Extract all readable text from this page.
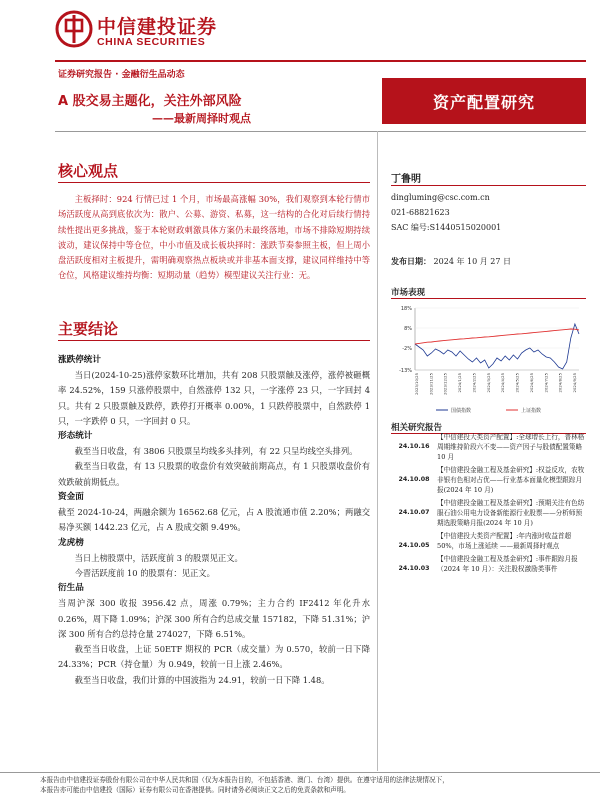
中信建投证券
CHINA SECURITIES
证券研究报告 · 金融衍生品动态
A 股交易主题化，关注外部风险
——最新周择时观点
资产配置研究
核心观点
主板择时：924 行情已过 1 个月，市场最高涨幅 30%，我们观察到本轮行情市场活跃度从高到底依次为：散户、公募、游资、私募，这一结构的合化对后续行情持续性提出更多挑战，鉴于本轮财政刺激具体方案仍未最终落地，市场不排除短期持续波动，建议保持中等仓位，中小市值及成长板块择时：涨跌节奏参照主板，但上周小盘活跃度相对主板提升，需明确观察热点板块或并非基本面支撑，建议同样维持中等仓位，风格建议维持均衡：短期动量（趋势）模型建议关注行业：无。
主要结论
涨跌停统计

当日(2024-10-25)涨停家数环比增加，共有 208 只股票触及涨停，涨停被砸概率 24.52%，159 只涨停股票中，自然涨停 132 只，一字涨停 23 只，一字回封 4 只。共有 2 只股票触及跌停，跌停打开概率 0.00%，1 只跌停股票中，自然跌停 1 只，一字跌停 0 只，一字回封 0 只。

形态统计

截至当日收盘，有 3806 只股票呈均线多头排列，有 22 只呈均线空头排列。

截至当日收盘，有 13 只股票的收盘价有效突破前期高点，有 1 只股票收盘价有效跌破前期低点。

资金面

截至 2024-10-24，两融余额为 16562.68 亿元，占 A 股流通市值 2.20%；两融交易净买额 1442.23 亿元，占 A 股成交额 9.49%。

龙虎榜

当日上榜股票中，活跃度前 3 的股票见正文。

今晋活跃度前 10 的股票有：见正文。

衍生品

当周沪深 300 收报 3956.42 点，周涨 0.79%；主力合约 IF2412 年化升水 0.26%，周下降 1.09%；沪深 300 所有合约总成交量 157182，下降 51.31%；沪深 300 所有合约总持仓量 274027，下降 6.51%。

截至当日收盘，上证 50ETF 期权的 PCR（成交量）为 0.570，较前一日下降 24.33%；PCR（持仓量）为 0.949，较前一日上涨 2.46%。

截至当日收盘，我们计算的中国波指为 24.91，较前一日下降 1.48。

丁鲁明
dingluming@csc.com.cn
021-68821623
SAC 编号:S1440515020001
发布日期： 2024 年 10 月 27 日
市场表现
18%
8%
-2%
-13%
2023/10/25 2023/11/25 2023/12/25 2024/1/25 2024/2/25 2024/3/25 2024/4/25 2024/5/25 2024/6/25 2024/7/25 2024/8/25 2024/9/25
国债指数	上证指数
相关研究报告
24.10.16
【中信建投大类资产配置】:全球增长上行，普林格周期维持阶段六不变——资产因子与股债配置策略 10 月
24.10.08
【中信建投金融工程及基金研究】:权益反攻，农牧非银有色相对占优——行业基本面量化模型跟踪月报(2024 年 10 月)
24.10.07
【中信建投金融工程及基金研究】:预期关注有色纺服石油公用电力设备新能源行业股票——分析师预期选股策略月报(2024 年 10 月)
24.10.05
【中信建投大类资产配置】:年内涨时收益首超 50%，市场上涨延续 ——最新周择时观点
24.10.03
【中信建投金融工程及基金研究】:事件跟踪月报（2024 年 10 月）：关注股权激励类事件
本报告由中信建投证券股份有限公司在中华人民共和国（仅为本报告目的，不包括香港、澳门、台湾）提供。在遵守适用的法律法规情况下，
本报告亦可能由中信建投（国际）证券有限公司在香港提供。同时请务必阅读正文之后的免责条款和声明。
